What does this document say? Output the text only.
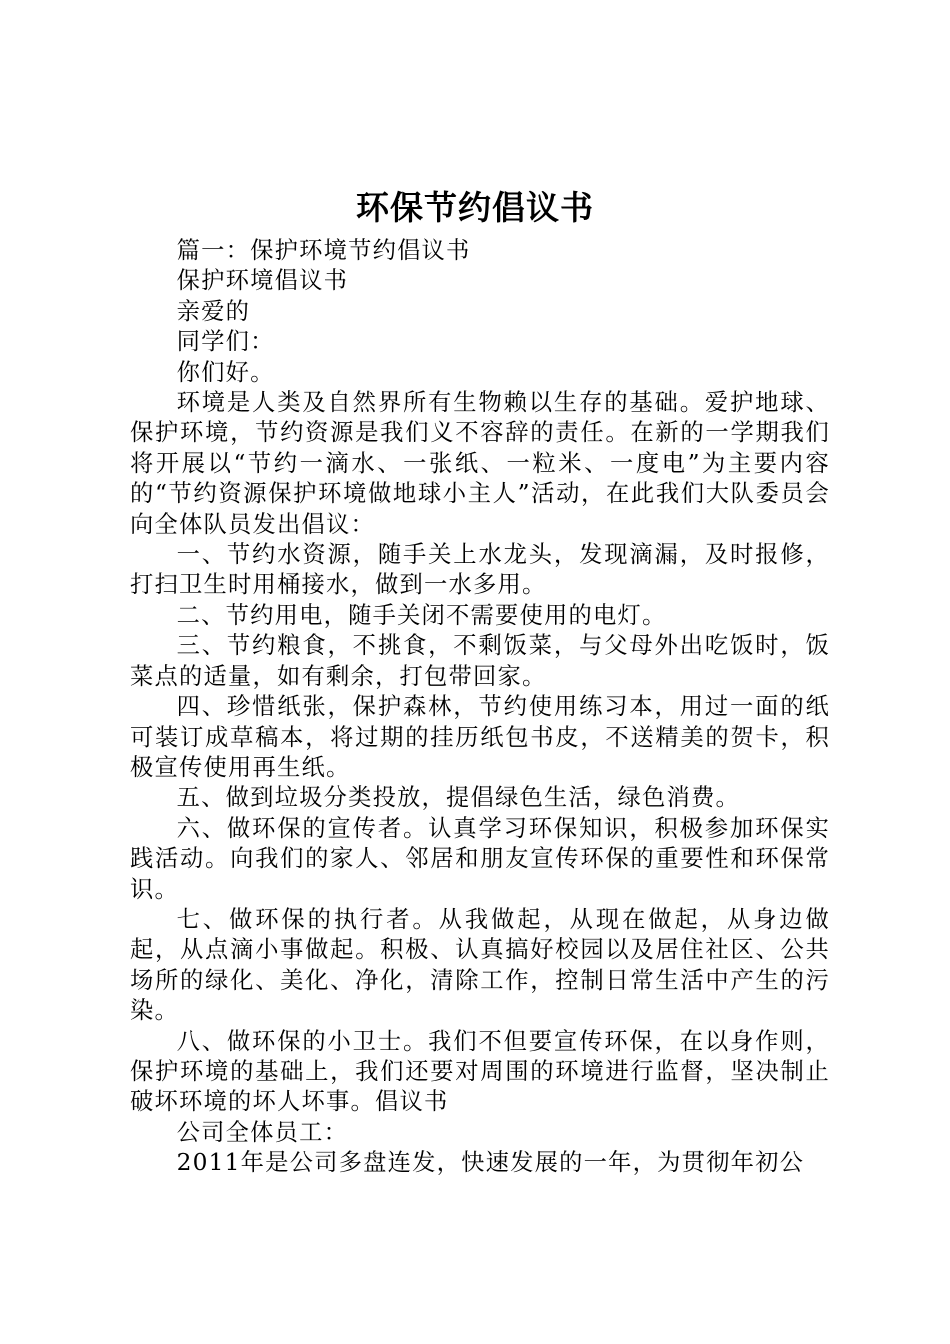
环保节约倡议书

篇一：保护环境节约倡议书

保护环境倡议书

亲爱的

同学们：

你们好。

环境是人类及自然界所有生物赖以生存的基础。爱护地球、保护环境，节约资源是我们义不容辞的责任。在新的一学期我们将开展以“节约一滴水、一张纸、一粒米、一度电”为主要内容的“节约资源保护环境做地球小主人”活动，在此我们大队委员会向全体队员发出倡议：

一、节约水资源，随手关上水龙头，发现滴漏，及时报修，打扫卫生时用桶接水，做到一水多用。

二、节约用电，随手关闭不需要使用的电灯。

三、节约粮食，不挑食，不剩饭菜，与父母外出吃饭时，饭菜点的适量，如有剩余，打包带回家。

四、珍惜纸张，保护森林，节约使用练习本，用过一面的纸可装订成草稿本，将过期的挂历纸包书皮，不送精美的贺卡，积极宣传使用再生纸。

五、做到垃圾分类投放，提倡绿色生活，绿色消费。

六、做环保的宣传者。认真学习环保知识，积极参加环保实践活动。向我们的家人、邻居和朋友宣传环保的重要性和环保常识。

七、做环保的执行者。从我做起，从现在做起，从身边做起，从点滴小事做起。积极、认真搞好校园以及居住社区、公共场所的绿化、美化、净化，清除工作，控制日常生活中产生的污染。

八、做环保的小卫士。我们不但要宣传环保，在以身作则，保护环境的基础上，我们还要对周围的环境进行监督，坚决制止破坏环境的坏人坏事。倡议书

公司全体员工：

2011年是公司多盘连发，快速发展的一年，为贯彻年初公
